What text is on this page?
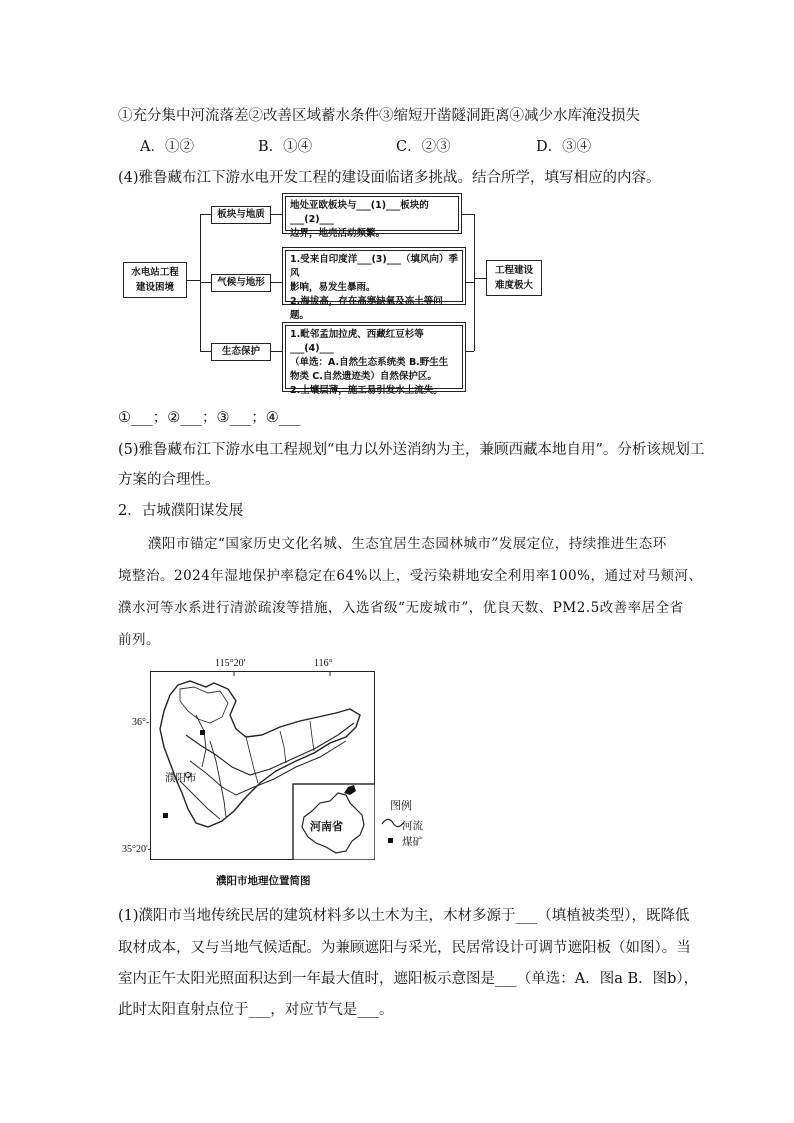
①充分集中河流落差②改善区域蓄水条件③缩短开凿隧洞距离④减少水库淹没损失
A．①②	B．①④	C．②③	D．③④
(4)雅鲁藏布江下游水电开发工程的建设面临诸多挑战。结合所学，填写相应的内容。
水电站工程
建设困境
板块与地质
气候与地形
生态保护
地处亚欧板块与___(1)___板块的___(2)___
边界，地壳活动频繁。
1.受来自印度洋___(3)___（填风向）季风
影响，易发生暴雨。
2.海拔高，存在高寒缺氧及冻土等问题。
1.毗邻孟加拉虎、西藏红豆杉等___(4)___
（单选：A.自然生态系统类 B.野生生
物类 C.自然遗迹类）自然保护区。
2.土壤层薄，施工易引发水土流失。
工程建设
难度极大
①___；②___；③___；④___
(5)雅鲁藏布江下游水电工程规划“电力以外送消纳为主，兼顾西藏本地自用”。分析该规划工
方案的合理性。
2．古城濮阳谋发展
濮阳市锚定“国家历史文化名城、生态宜居生态园林城市”发展定位，持续推进生态环
境整治。2024年湿地保护率稳定在64%以上，受污染耕地安全利用率100%，通过对马颊河、
濮水河等水系进行清淤疏浚等措施，入选省级“无废城市”，优良天数、PM2.5改善率居全省
前列。
115°20'	116°
36°-
35°20'-
濮阳市
河南省
图例
河流
煤矿
濮阳市地理位置简图
(1)濮阳市当地传统民居的建筑材料多以土木为主，木材多源于___（填植被类型），既降低
取材成本，又与当地气候适配。为兼顾遮阳与采光，民居常设计可调节遮阳板（如图）。当
室内正午太阳光照面积达到一年最大值时，遮阳板示意图是___（单选：A．图a B．图b），
此时太阳直射点位于___，对应节气是___。
